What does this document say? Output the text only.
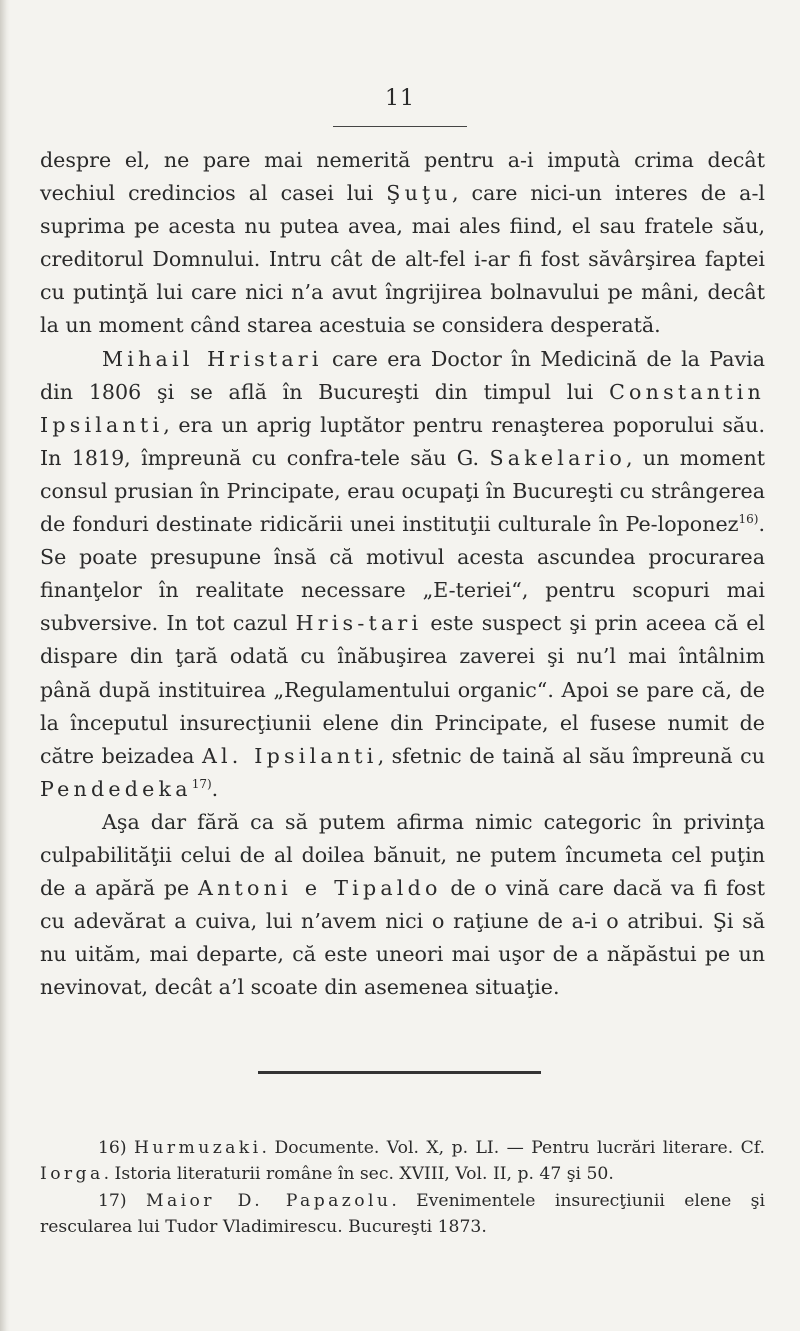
11

despre el, ne pare mai nemerită pentru a-i imputà crima decât vechiul credincios al casei lui Şuţu, care nici-un interes de a-l suprima pe acesta nu putea avea, mai ales fiind, el sau fratele său, creditorul Domnului. Intru cât de alt-fel i-ar fi fost săvârşirea faptei cu putinţă lui care nici n’a avut îngrijirea bolnavului pe mâni, decât la un moment când starea acestuia se considera desperată.

Mihail Hristari care era Doctor în Medicină de la Pavia din 1806 şi se află în Bucureşti din timpul lui Constantin Ipsilanti, era un aprig luptător pentru renaşterea poporului său. In 1819, împreună cu confra-tele său G. Sakelario, un moment consul prusian în Principate, erau ocupaţi în Bucureşti cu strângerea de fonduri destinate ridicării unei instituţii culturale în Pe-loponez$^{16)}$. Se poate presupune însă că motivul acesta ascundea procurarea finanţelor în realitate necessare „E-teriei“, pentru scopuri mai subversive. In tot cazul Hris-tari este suspect şi prin aceea că el dispare din ţară odată cu înăbuşirea zaverei şi nu’l mai întâlnim până după instituirea „Regulamentului organic“. Apoi se pare că, de la începutul insurecţiunii elene din Principate, el fusese numit de către beizadea Al. Ipsilanti, sfetnic de taină al său împreună cu Pendedeka$^{17)}$.

Aşa dar fără ca să putem afirma nimic categoric în privinţa culpabilităţii celui de al doilea bănuit, ne putem încumeta cel puţin de a apără pe Antoni e Tipaldo de o vină care dacă va fi fost cu adevărat a cuiva, lui n’avem nici o raţiune de a-i o atribui. Şi să nu uităm, mai departe, că este uneori mai uşor de a năpăstui pe un nevinovat, decât a’l scoate din asemenea situaţie.

16) Hurmuzaki. Documente. Vol. X, p. LI. — Pentru lucrări literare. Cf. Iorga. Istoria literaturii române în sec. XVIII, Vol. II, p. 47 şi 50.

17) Maior D. Papazolu. Evenimentele insurecţiunii elene şi resculareа lui Tudor Vladimirescu. Bucureşti 1873.
